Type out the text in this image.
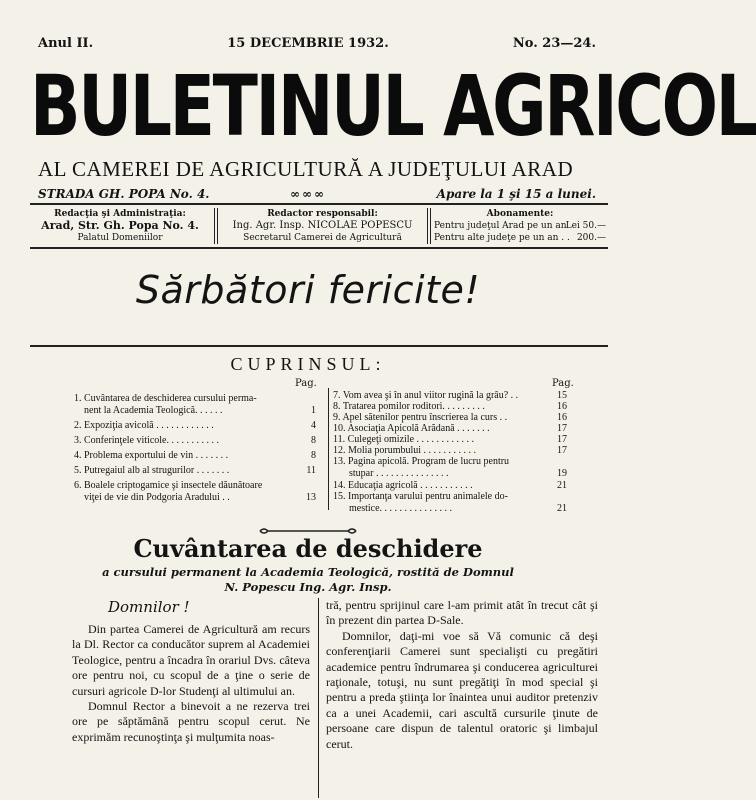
Anul II.	15 DECEMBRIE 1932.	No. 23—24.
BULETINUL AGRICOL
AL CAMEREI DE AGRICULTURĂ A JUDEŢULUI ARAD
STRADA GH. POPA No. 4.	∞∞∞	Apare la 1 şi 15 a lunei.
Redacţia şi Administraţia:
Arad, Str. Gh. Popa No. 4.
Palatul Domeniilor
Redactor responsabil:
Ing. Agr. Insp. NICOLAE POPESCU
Secretarul Camerei de Agricultură
Abonamente:
Pentru judeţul Arad pe un an Lei 50.—
Pentru alte judeţe pe un an . . 200.—
Sărbători fericite!
CUPRINSUL:
Pag.	Pag.
1. Cuvântarea de deschiderea cursului perma-
nent la Academia Teologică. . . . . .	1
2. Expoziţia avicolă . . . . . . . . . . . .	4
3. Conferinţele viticole. . . . . . . . . . .	8
4. Problema exportului de vin . . . . . . .	8
5. Putregaiul alb al strugurilor . . . . . . .	11
6. Boalele criptogamice şi insectele dăunătoare
viţei de vie din Podgoria Aradului . .	13
7. Vom avea şi în anul viitor rugină la grâu? . .	15
8. Tratarea pomilor roditori. . . . . . . . .	16
9. Apel sătenilor pentru înscrierea la curs . .	16
10. Asociaţia Apicolă Arădană . . . . . . .	17
11. Culegeţi omizile . . . . . . . . . . . .	17
12. Molia porumbului . . . . . . . . . . .	17
13. Pagina apicolă. Program de lucru pentru
stupar . . . . . . . . . . . . . . .	19
14. Educaţia agricolă . . . . . . . . . . .	21
15. Importanţa varului pentru animalele do-
mestice. . . . . . . . . . . . . . .	21
Cuvântarea de deschidere
a cursului permanent la Academia Teologică, rostită de Domnul
N. Popescu Ing. Agr. Insp.
Domnilor !

Din partea Camerei de Agricultură am recurs la Dl. Rector ca conducător suprem al Academiei Teologice, pentru a încadra în orariul Dvs. câteva ore pentru noi, cu scopul de a ţine o serie de cursuri agricole D-lor Studenţi al ultimului an.

Domnul Rector a binevoit a ne rezerva trei ore pe săptămână pentru scopul cerut. Ne exprimăm recunoştinţa şi mulţumita noas-

tră, pentru sprijinul care l-am primit atât în trecut cât şi în prezent din partea D-Sale.

Domnilor, daţi-mi voe să Vă comunic că deşi conferenţiarii Camerei sunt specialişti cu pregătiri academice pentru îndrumarea şi conducerea agriculturei raţionale, totuşi, nu sunt pregătiţi în mod special şi pentru a preda ştiinţa lor înaintea unui auditor pretenziv ca a unei Academii, cari ascultă cursurile ţinute de persoane care dispun de talentul oratoric şi limbajul cerut.
